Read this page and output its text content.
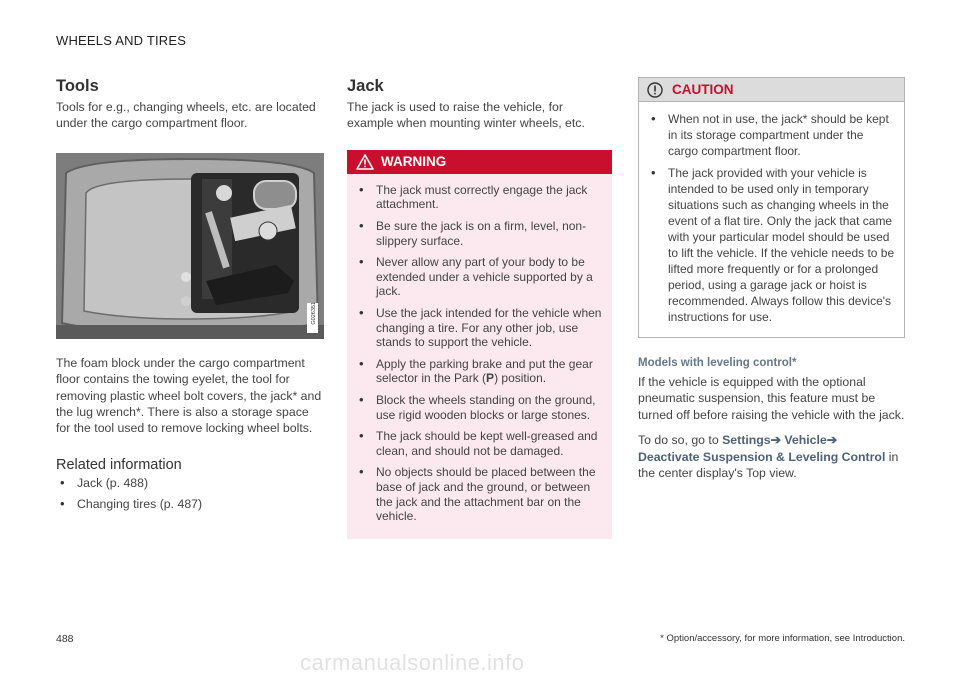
WHEELS AND TIRES
Tools

Tools for e.g., changing wheels, etc. are located under the cargo compartment floor.

G026351

The foam block under the cargo compartment floor contains the towing eyelet, the tool for removing plastic wheel bolt covers, the jack* and the lug wrench*. There is also a storage space for the tool used to remove locking wheel bolts.

Related information
• Jack (p. 488)
• Changing tires (p. 487)
Jack

The jack is used to raise the vehicle, for example when mounting winter wheels, etc.

WARNING
• The jack must correctly engage the jack attachment.
• Be sure the jack is on a firm, level, non-slippery surface.
• Never allow any part of your body to be extended under a vehicle supported by a jack.
• Use the jack intended for the vehicle when changing a tire. For any other job, use stands to support the vehicle.
• Apply the parking brake and put the gear selector in the Park (P) position.
• Block the wheels standing on the ground, use rigid wooden blocks or large stones.
• The jack should be kept well-greased and clean, and should not be damaged.
• No objects should be placed between the base of jack and the ground, or between the jack and the attachment bar on the vehicle.
CAUTION
• When not in use, the jack* should be kept in its storage compartment under the cargo compartment floor.
• The jack provided with your vehicle is intended to be used only in temporary situations such as changing wheels in the event of a flat tire. Only the jack that came with your particular model should be used to lift the vehicle. If the vehicle needs to be lifted more frequently or for a prolonged period, using a garage jack or hoist is recommended. Always follow this device's instructions for use.
Models with leveling control*

If the vehicle is equipped with the optional pneumatic suspension, this feature must be turned off before raising the vehicle with the jack.

To do so, go to Settings➔ Vehicle➔
Deactivate Suspension & Leveling Control in the center display's Top view.
488	* Option/accessory, for more information, see Introduction.
carmanualsonline.info
